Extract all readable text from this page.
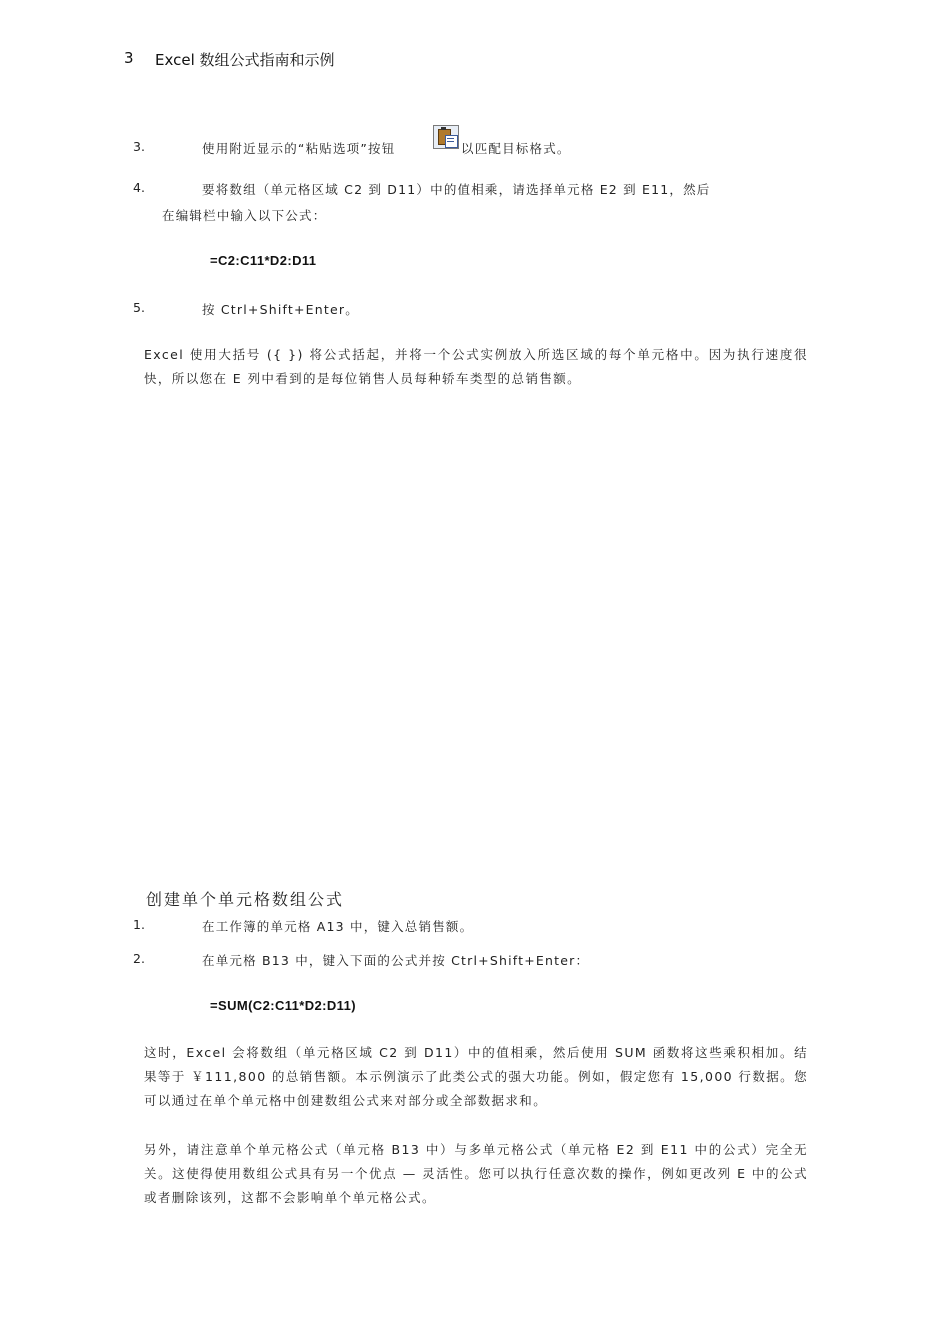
3 Excel 数组公式指南和示例
3.	使用附近显示的“粘贴选项”按钮	以匹配目标格式。
4.	要将数组（单元格区域 C2 到 D11）中的值相乘，请选择单元格 E2 到 E11，然后
在编辑栏中输入以下公式：
=C2:C11*D2:D11
5.	按 Ctrl+Shift+Enter。
Excel 使用大括号 ({ }) 将公式括起，并将一个公式实例放入所选区域的每个单元格中。因为执行速度很快，所以您在 E 列中看到的是每位销售人员每种轿车类型的总销售额。
创建单个单元格数组公式
1.	在工作簿的单元格 A13 中，键入总销售额。
2.	在单元格 B13 中，键入下面的公式并按 Ctrl+Shift+Enter：
=SUM(C2:C11*D2:D11)
这时，Excel 会将数组（单元格区域 C2 到 D11）中的值相乘，然后使用 SUM 函数将这些乘积相加。结果等于 ￥111,800 的总销售额。本示例演示了此类公式的强大功能。例如，假定您有 15,000 行数据。您可以通过在单个单元格中创建数组公式来对部分或全部数据求和。
另外，请注意单个单元格公式（单元格 B13 中）与多单元格公式（单元格 E2 到 E11 中的公式）完全无关。这使得使用数组公式具有另一个优点 — 灵活性。您可以执行任意次数的操作，例如更改列 E 中的公式或者删除该列，这都不会影响单个单元格公式。
